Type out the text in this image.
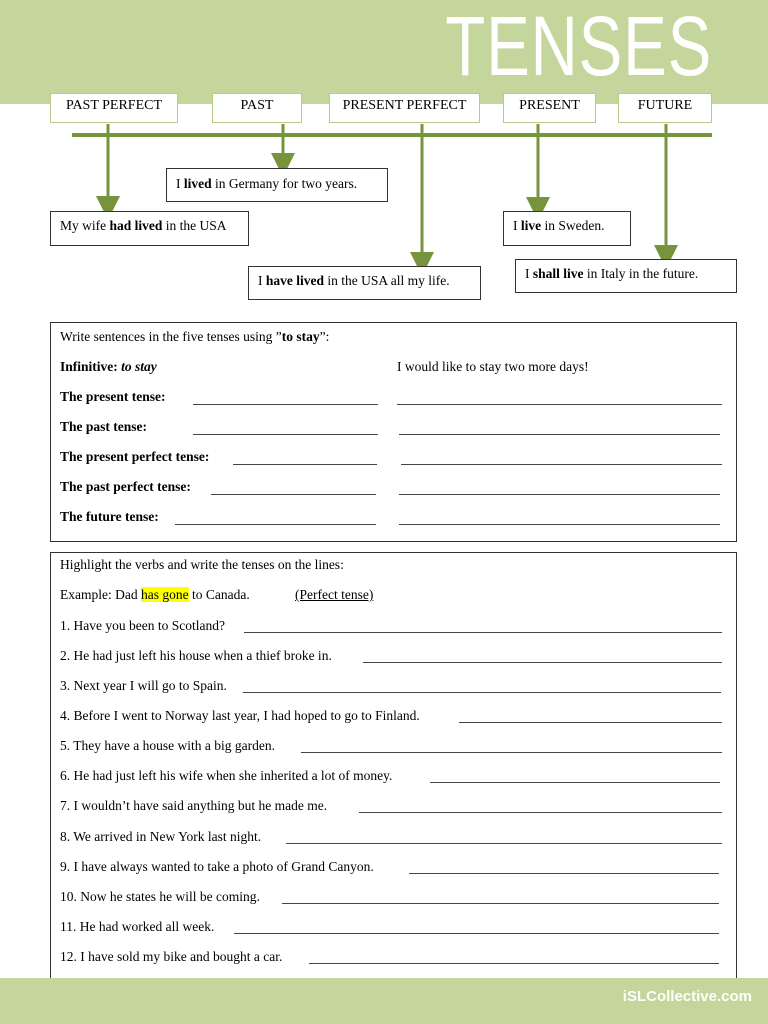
TENSES
PAST PERFECT	PAST	PRESENT PERFECT	PRESENT	FUTURE
I lived in Germany for two years.
My wife had lived in the USA
I have lived in the USA all my life.
I live in Sweden.
I shall live in Italy in the future.
Write sentences in the five tenses using ”to stay”:
Infinitive: to stay	I would like to stay two more days!
The present tense:
The past tense:
The present perfect tense:
The past perfect tense:
The future tense:
Highlight the verbs and write the tenses on the lines:
Example: Dad has gone to Canada.	(Perfect tense)
1. Have you been to Scotland?
2. He had just left his house when a thief broke in.
3. Next year I will go to Spain.
4. Before I went to Norway last year, I had hoped to go to Finland.
5. They have a house with a big garden.
6. He had just left his wife when she inherited a lot of money.
7. I wouldn’t have said anything but he made me.
8. We arrived in New York last night.
9. I have always wanted to take a photo of Grand Canyon.
10. Now he states he will be coming.
11. He had worked all week.
12. I have sold my bike and bought a car.
iSLCollective.com
